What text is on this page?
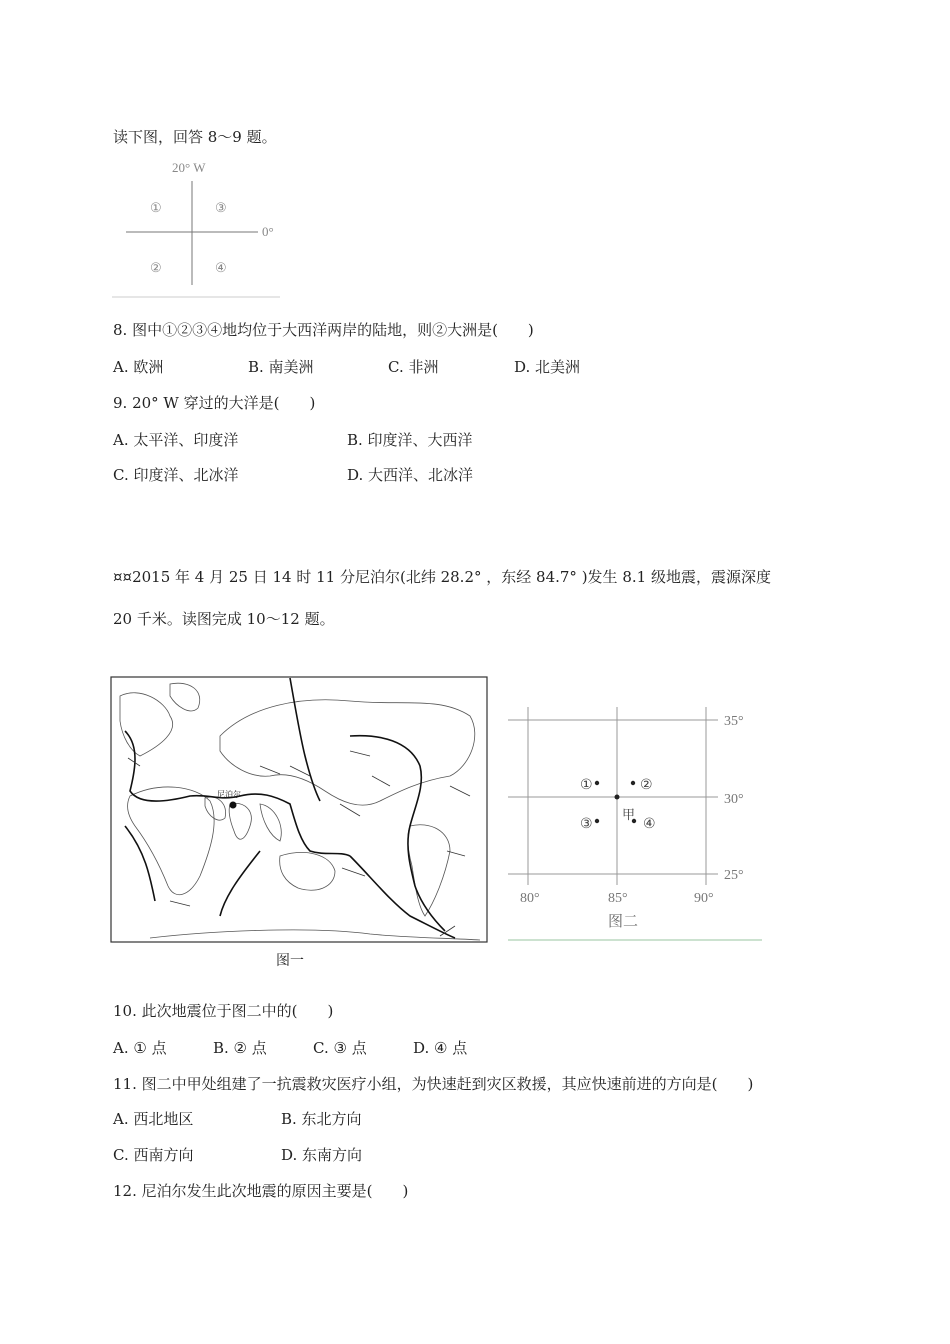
读下图，回答 8～9 题。
20° W
0°
①	③
②	④
8. 图中①②③④地均位于大西洋两岸的陆地，则②大洲是(　　)
A. 欧洲	B. 南美洲	C. 非洲	D. 北美洲
9. 20° W 穿过的大洋是(　　)
A. 太平洋、印度洋	B. 印度洋、大西洋
C. 印度洋、北冰洋	D. 大西洋、北冰洋
¤¤2015 年 4 月 25 日 14 时 11 分尼泊尔(北纬 28.2° ，东经 84.7° )发生 8.1 级地震，震源深度
20 千米。读图完成 10～12 题。
尼泊尔
图一
35°
30°
25°
80°	85°	90°
①	②
③	④
甲
图二
10. 此次地震位于图二中的(　　)
A. ① 点	B. ② 点	C. ③ 点	D. ④ 点
11. 图二中甲处组建了一抗震救灾医疗小组，为快速赶到灾区救援，其应快速前进的方向是(　　)
A. 西北地区	B. 东北方向
C. 西南方向	D. 东南方向
12. 尼泊尔发生此次地震的原因主要是(　　)
